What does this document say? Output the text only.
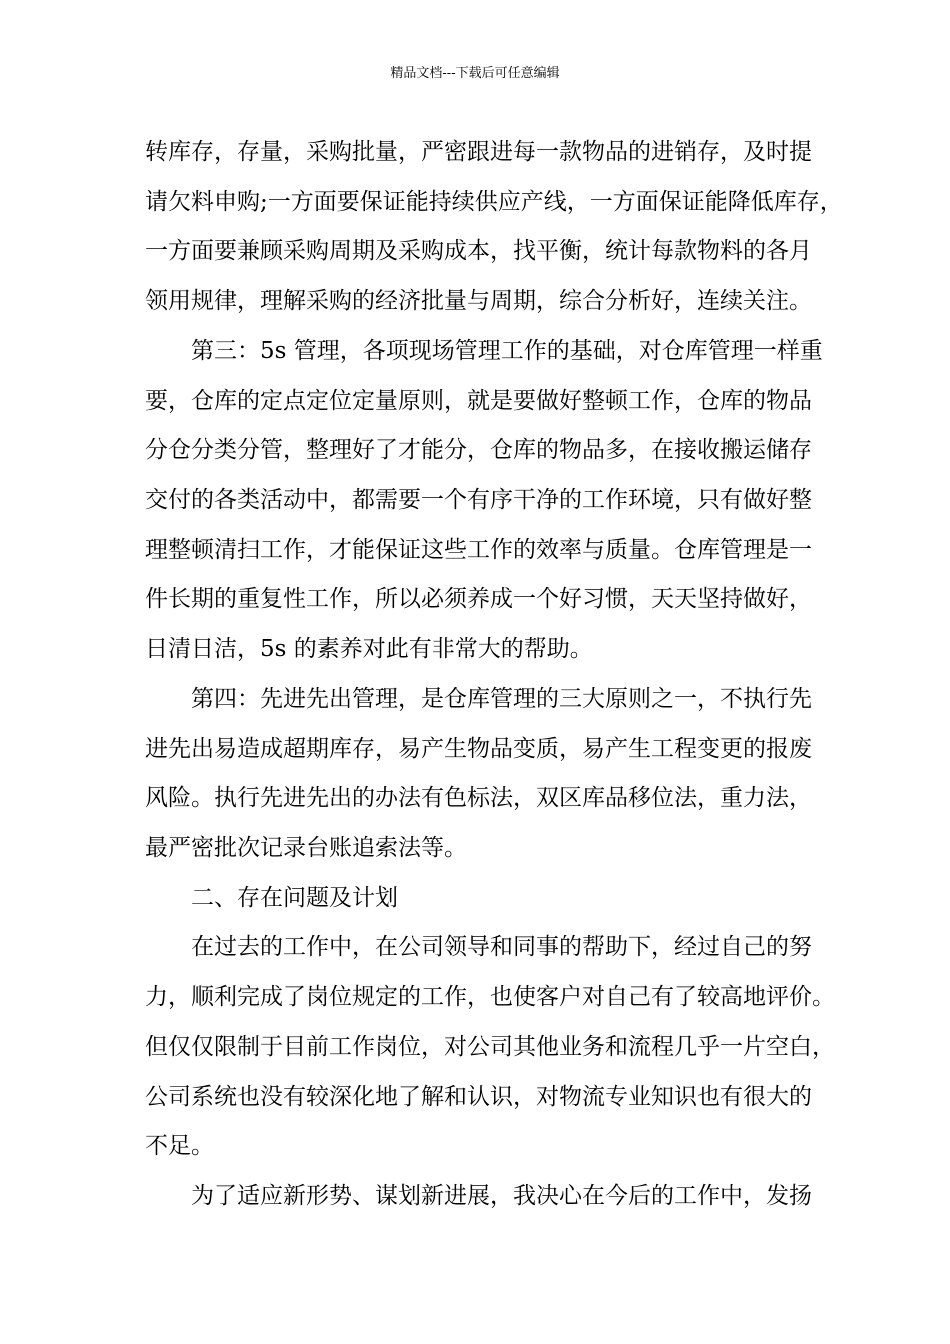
精品文档---下载后可任意编辑
转库存，存量，采购批量，严密跟进每一款物品的进销存，及时提
请欠料申购;一方面要保证能持续供应产线，一方面保证能降低库存，
一方面要兼顾采购周期及采购成本，找平衡，统计每款物料的各月
领用规律，理解采购的经济批量与周期，综合分析好，连续关注。
第三：5s 管理，各项现场管理工作的基础，对仓库管理一样重
要，仓库的定点定位定量原则，就是要做好整顿工作，仓库的物品
分仓分类分管，整理好了才能分，仓库的物品多，在接收搬运储存
交付的各类活动中，都需要一个有序干净的工作环境，只有做好整
理整顿清扫工作，才能保证这些工作的效率与质量。仓库管理是一
件长期的重复性工作，所以必须养成一个好习惯，天天坚持做好，
日清日洁，5s 的素养对此有非常大的帮助。
第四：先进先出管理，是仓库管理的三大原则之一，不执行先
进先出易造成超期库存，易产生物品变质，易产生工程变更的报废
风险。执行先进先出的办法有色标法，双区库品移位法，重力法，
最严密批次记录台账追索法等。
二、存在问题及计划
在过去的工作中，在公司领导和同事的帮助下，经过自己的努
力，顺利完成了岗位规定的工作，也使客户对自己有了较高地评价。
但仅仅限制于目前工作岗位，对公司其他业务和流程几乎一片空白，
公司系统也没有较深化地了解和认识，对物流专业知识也有很大的
不足。
为了适应新形势、谋划新进展，我决心在今后的工作中，发扬
